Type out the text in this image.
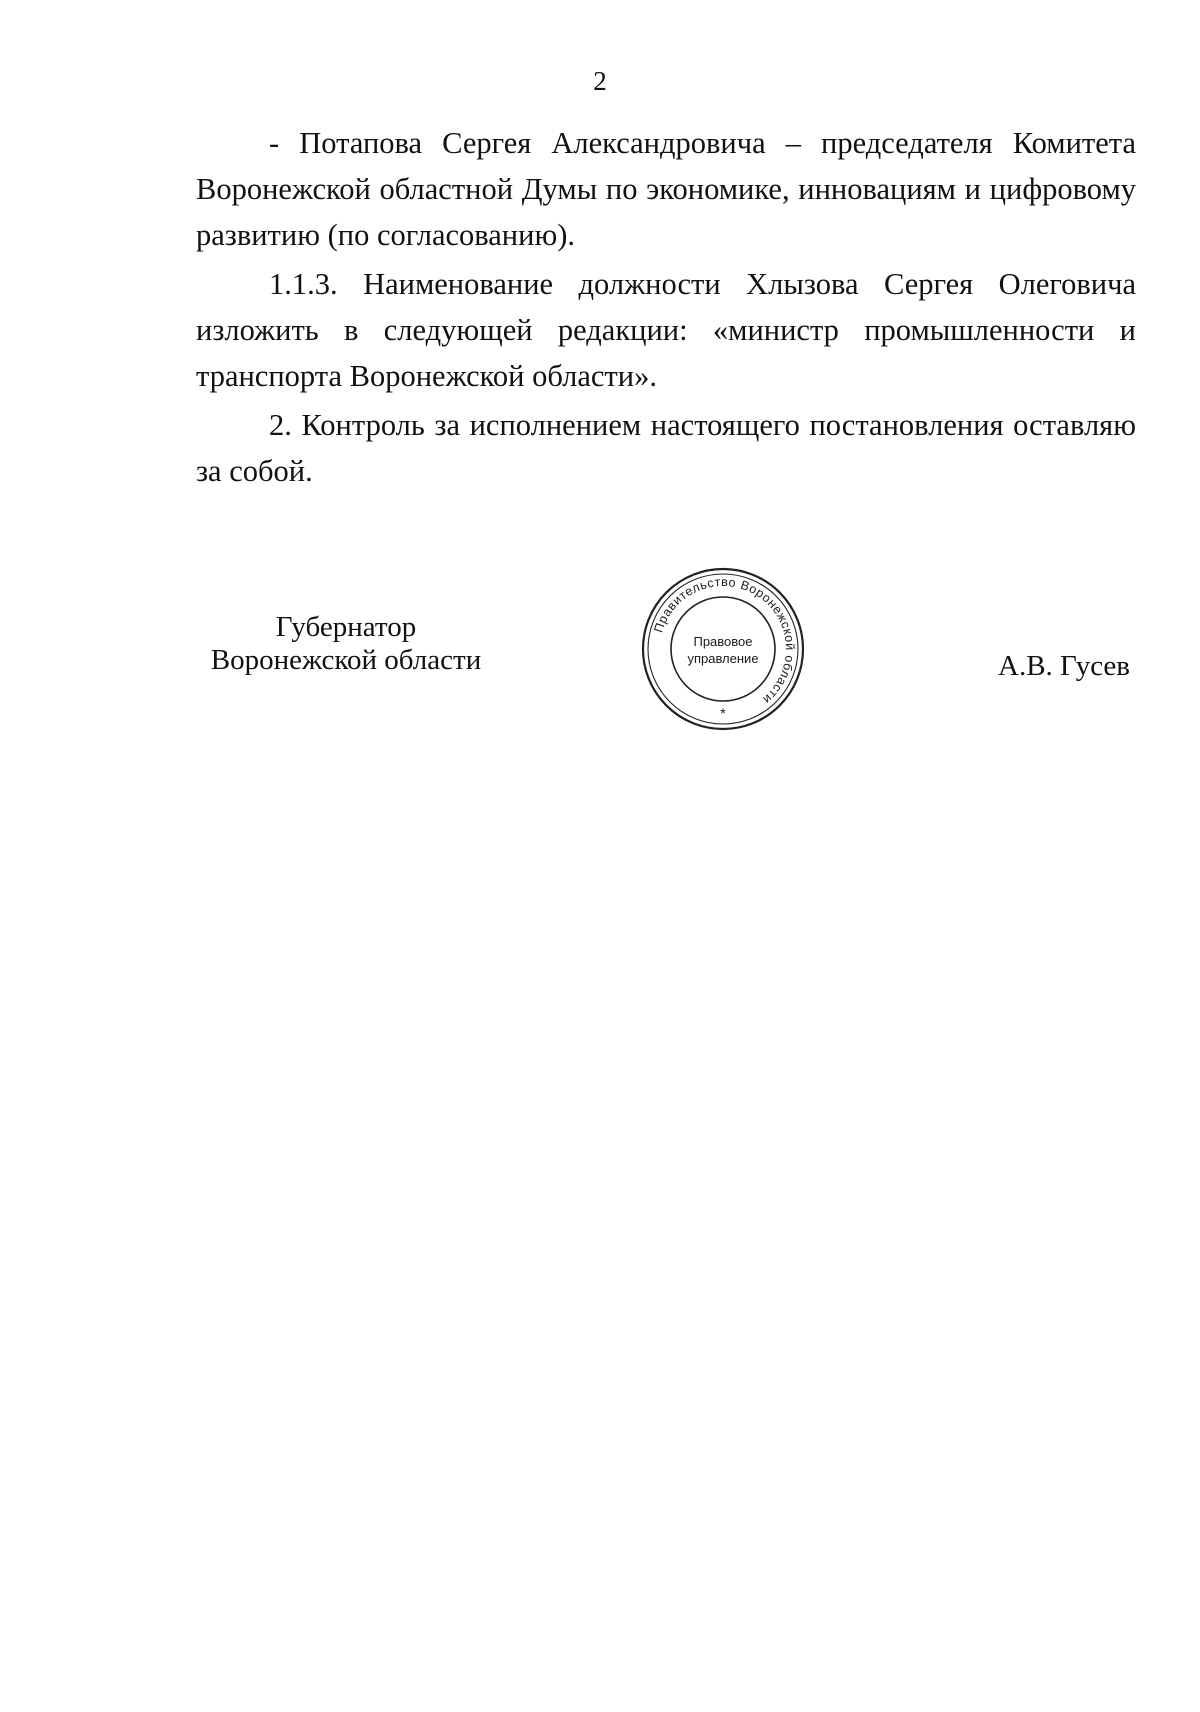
2

- Потапова Сергея Александровича – председателя Комитета Воронежской областной Думы по экономике, инновациям и цифровому развитию (по согласованию).

1.1.3. Наименование должности Хлызова Сергея Олеговича изложить в следующей редакции: «министр промышленности и транспорта Воронежской области».

2. Контроль за исполнением настоящего постановления оставляю за собой.

Губернатор
Воронежской области
Правительство Воронежской области
Правовое
управление
*
А.В. Гусев
